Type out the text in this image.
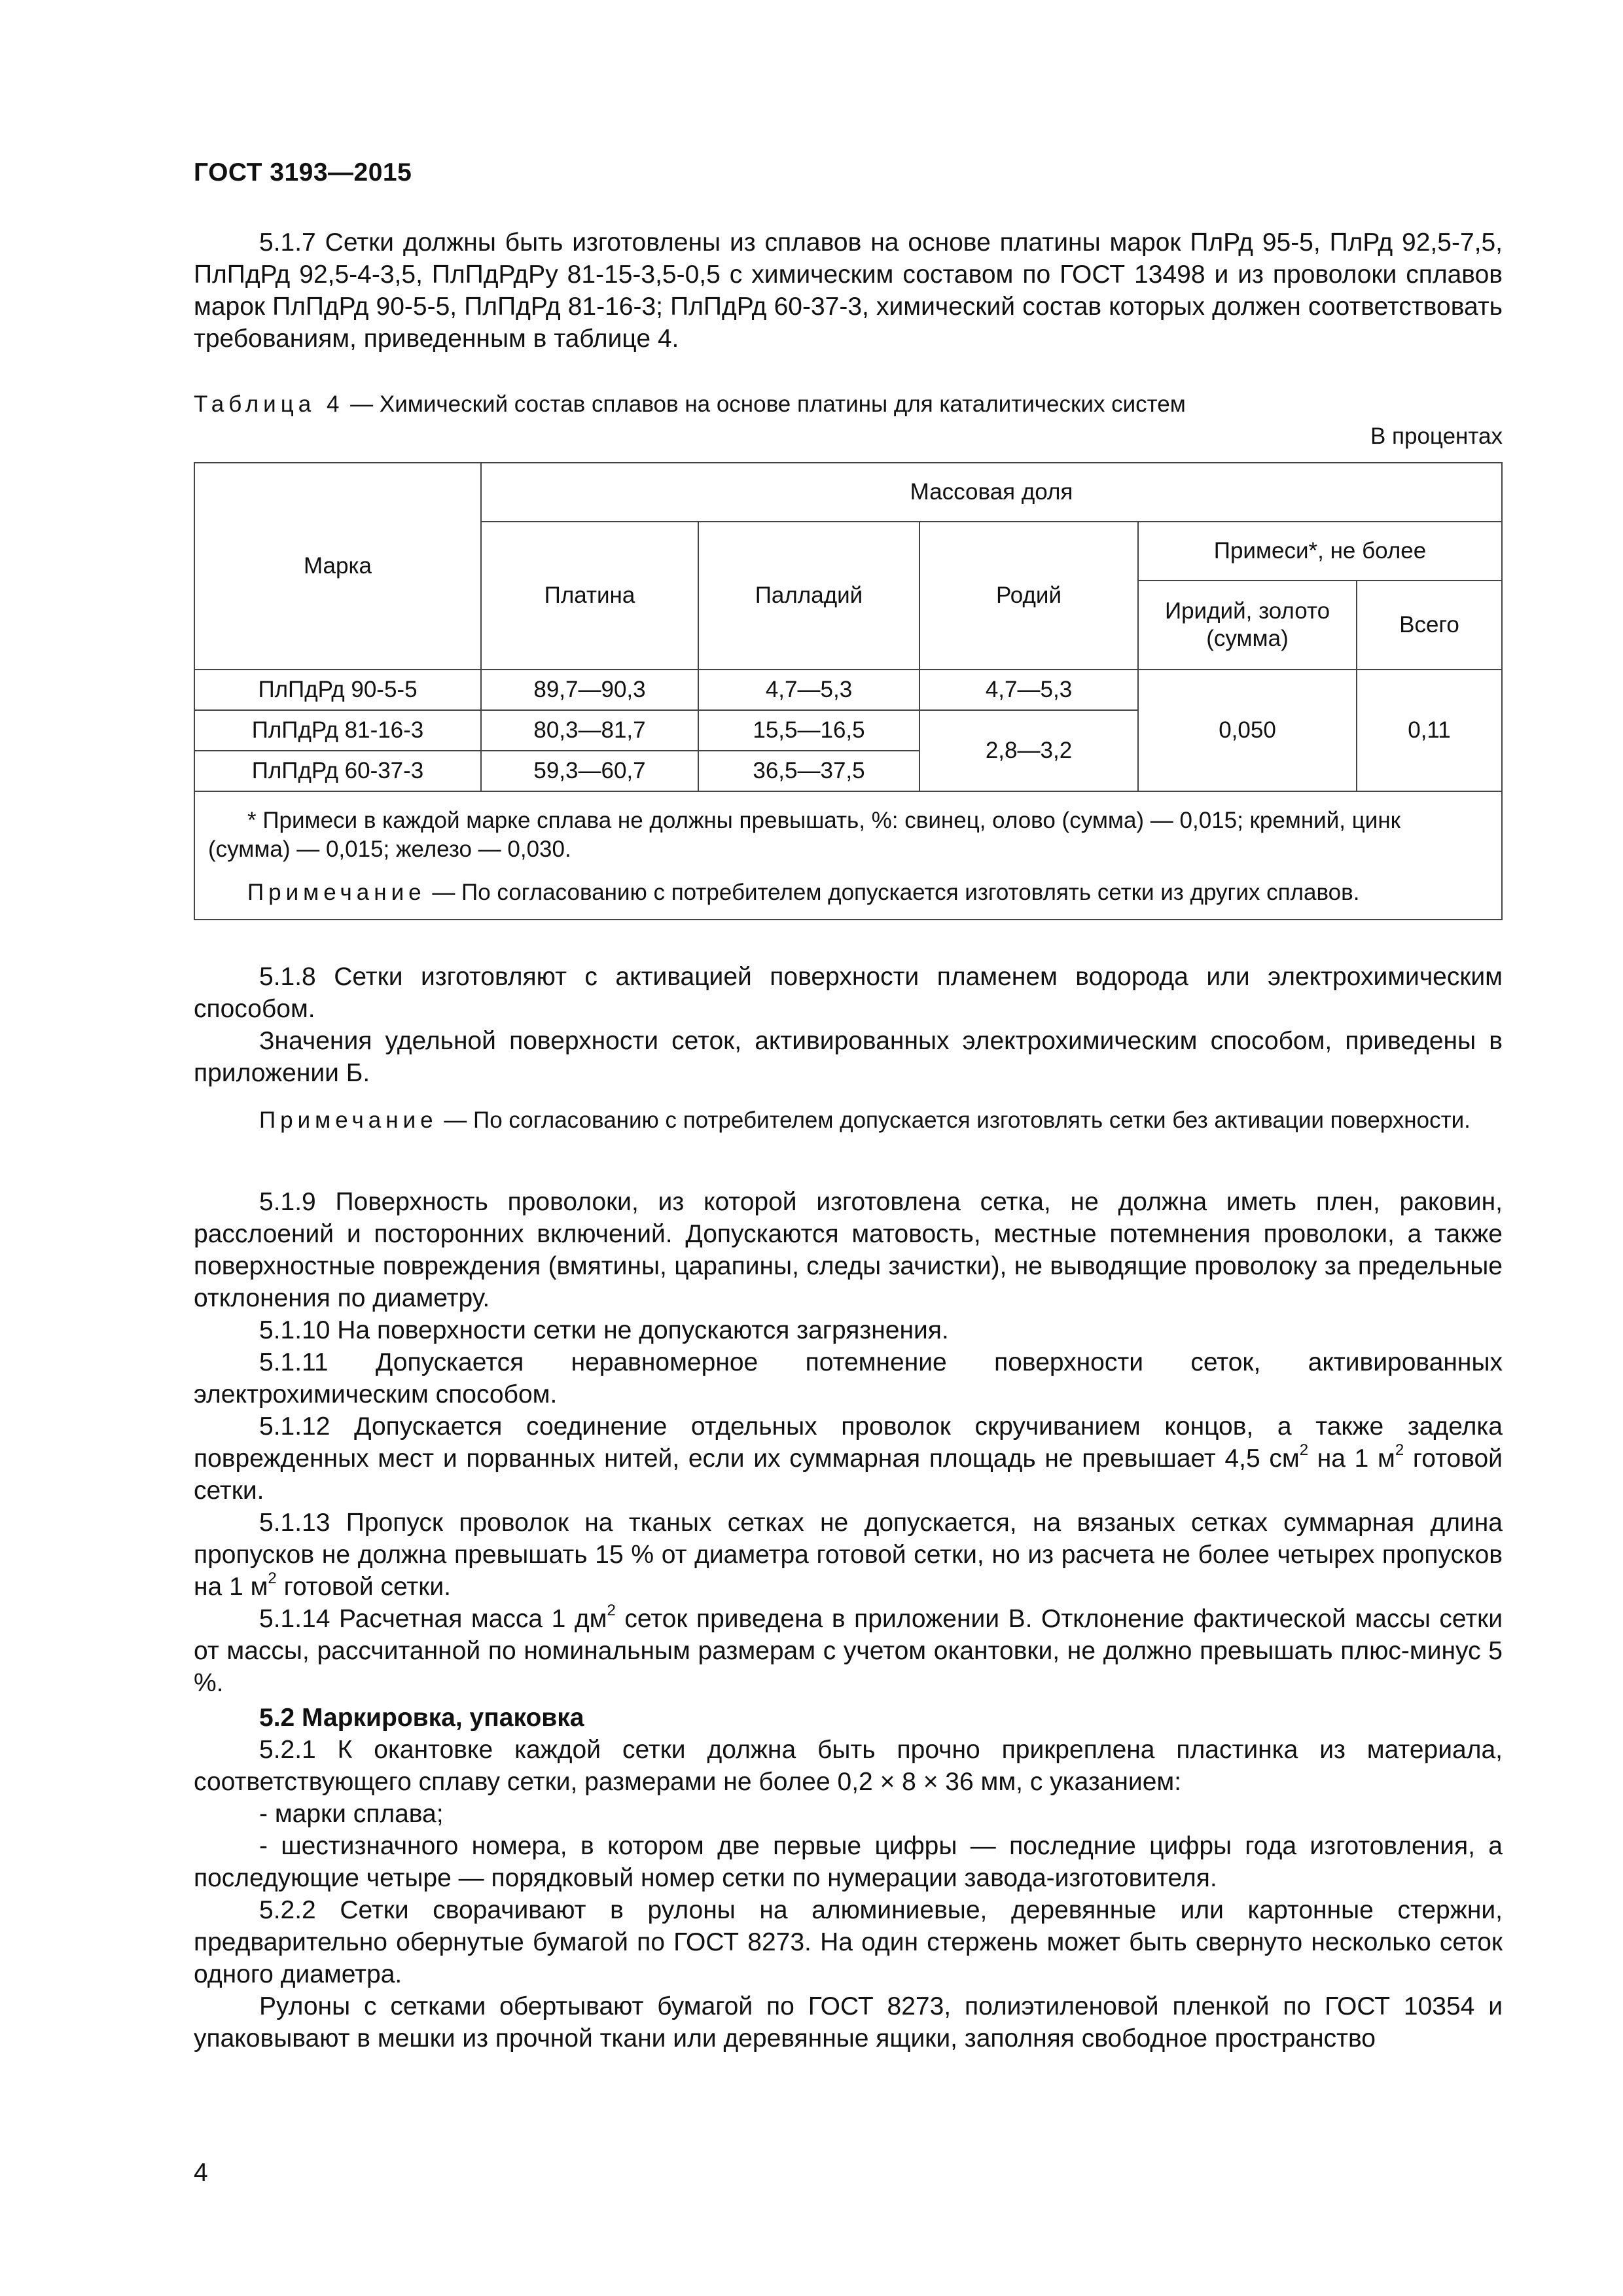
ГОСТ 3193—2015

5.1.7 Сетки должны быть изготовлены из сплавов на основе платины марок ПлРд 95-5, ПлРд 92,5-7,5, ПлПдРд 92,5-4-3,5, ПлПдРдРу 81-15-3,5-0,5 с химическим составом по ГОСТ 13498 и из проволоки сплавов марок ПлПдРд 90-5-5, ПлПдРд 81-16-3; ПлПдРд 60-37-3, химический состав которых должен соответствовать требованиям, приведенным в таблице 4.

Таблица 4 — Химический состав сплавов на основе платины для каталитических систем
В процентах
Марка	Массовая доля				
	Платина	Палладий	Родий	Примеси*, не более	
				Иридий, золото (сумма)	Всего
ПлПдРд 90-5-5	89,7—90,3	4,7—5,3	4,7—5,3	0,050	0,11
ПлПдРд 81-16-3	80,3—81,7	15,5—16,5	2,8—3,2		
ПлПдРд 60-37-3	59,3—60,7	36,5—37,5			

* Примеси в каждой марке сплава не должны превышать, %: свинец, олово (сумма) — 0,015; кремний, цинк (сумма) — 0,015; железо — 0,030.
Примечание — По согласованию с потребителем допускается изготовлять сетки из других сплавов.					

5.1.8 Сетки изготовляют с активацией поверхности пламенем водорода или электрохимическим способом.

Значения удельной поверхности сеток, активированных электрохимическим способом, приведены в приложении Б.

Примечание — По согласованию с потребителем допускается изготовлять сетки без активации поверхности.

5.1.9 Поверхность проволоки, из которой изготовлена сетка, не должна иметь плен, раковин, расслоений и посторонних включений. Допускаются матовость, местные потемнения проволоки, а также поверхностные повреждения (вмятины, царапины, следы зачистки), не выводящие проволоку за предельные отклонения по диаметру.

5.1.10 На поверхности сетки не допускаются загрязнения.

5.1.11 Допускается неравномерное потемнение поверхности сеток, активированных электрохимическим способом.

5.1.12 Допускается соединение отдельных проволок скручиванием концов, а также заделка поврежденных мест и порванных нитей, если их суммарная площадь не превышает 4,5 $см^2$ на 1 $м^2$ готовой сетки.

5.1.13 Пропуск проволок на тканых сетках не допускается, на вязаных сетках суммарная длина пропусков не должна превышать 15 % от диаметра готовой сетки, но из расчета не более четырех пропусков на 1 $м^2$ готовой сетки.

5.1.14 Расчетная масса 1 $дм^2$ сеток приведена в приложении В. Отклонение фактической массы сетки от массы, рассчитанной по номинальным размерам с учетом окантовки, не должно превышать плюс-минус 5 %.

5.2 Маркировка, упаковка

5.2.1 К окантовке каждой сетки должна быть прочно прикреплена пластинка из материала, соответствующего сплаву сетки, размерами не более 0,2 × 8 × 36 мм, с указанием:

- марки сплава;

- шестизначного номера, в котором две первые цифры — последние цифры года изготовления, а последующие четыре — порядковый номер сетки по нумерации завода-изготовителя.

5.2.2 Сетки сворачивают в рулоны на алюминиевые, деревянные или картонные стержни, предварительно обернутые бумагой по ГОСТ 8273. На один стержень может быть свернуто несколько сеток одного диаметра.

Рулоны с сетками обертывают бумагой по ГОСТ 8273, полиэтиленовой пленкой по ГОСТ 10354 и упаковывают в мешки из прочной ткани или деревянные ящики, заполняя свободное пространство

4
